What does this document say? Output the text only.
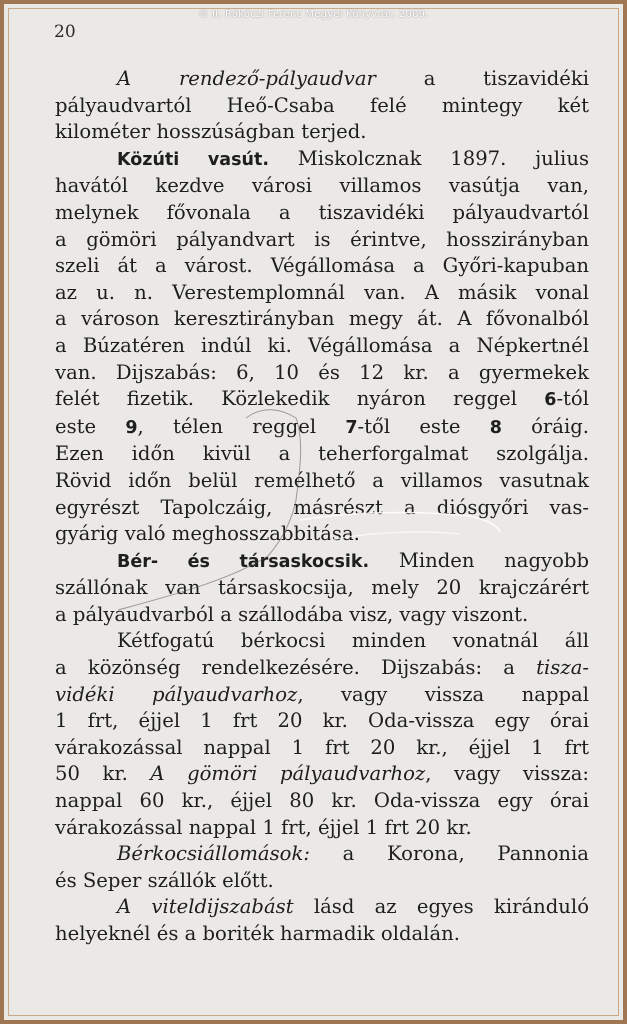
© II. Rákóczi Ferenc Megyei Könyvtár, 2009.
20
A rendező-pályaudvar a tiszavidéki
pályaudvartól Heő-Csaba felé mintegy két
kilométer hosszúságban terjed.
Közúti vasút. Miskolcznak 1897. julius
havától kezdve városi villamos vasútja van,
melynek fővonala a tiszavidéki pályaudvartól
a gömöri pályandvart is érintve, hosszirányban
szeli át a várost. Végállomása a Győri-kapuban
az u. n. Verestemplomnál van. A másik vonal
a városon keresztirányban megy át. A fővonalból
a Búzatéren indúl ki. Végállomása a Népkertnél
van. Dijszabás: 6, 10 és 12 kr. a gyermekek
felét fizetik. Közlekedik nyáron reggel 6-tól
este 9, télen reggel 7-től este 8 óráig.
Ezen időn kivül a teherforgalmat szolgálja.
Rövid időn belül remélhető a villamos vasutnak
egyrészt Tapolczáig, másrészt a diósgyőri vas-
gyárig való meghosszabbitása.
Bér- és társaskocsik. Minden nagyobb
szállónak van társaskocsija, mely 20 krajczárért
a pályaudvarból a szállodába visz, vagy viszont.
Kétfogatú bérkocsi minden vonatnál áll
a közönség rendelkezésére. Dijszabás: a tisza-
vidéki pályaudvarhoz, vagy vissza nappal
1 frt, éjjel 1 frt 20 kr. Oda-vissza egy órai
várakozással nappal 1 frt 20 kr., éjjel 1 frt
50 kr. A gömöri pályaudvarhoz, vagy vissza:
nappal 60 kr., éjjel 80 kr. Oda-vissza egy órai
várakozással nappal 1 frt, éjjel 1 frt 20 kr.
Bérkocsiállomások: a Korona, Pannonia
és Seper szállók előtt.
A viteldijszabást lásd az egyes kiránduló
helyeknél és a boriték harmadik oldalán.
